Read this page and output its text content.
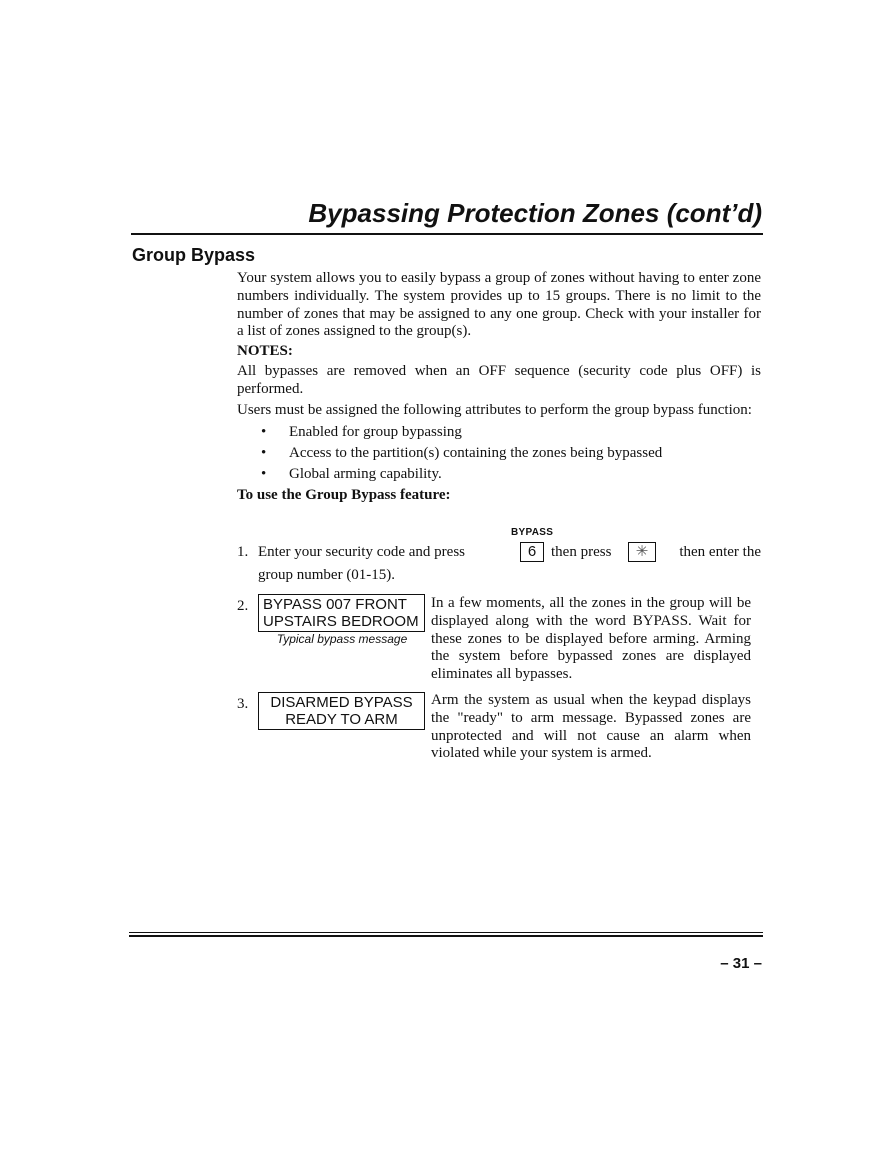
Bypassing Protection Zones (cont’d)
Group Bypass

Your system allows you to easily bypass a group of zones without having to enter zone numbers individually. The system provides up to 15 groups. There is no limit to the number of zones that may be assigned to any one group. Check with your installer for a list of zones assigned to the group(s).

NOTES:

All bypasses are removed when an OFF sequence (security code plus OFF) is performed.

Users must be assigned the following attributes to perform the group bypass function:

• Enabled for group bypassing
• Access to the partition(s) containing the zones being bypassed
• Global arming capability.

To use the Group Bypass feature:

BYPASS
1. Enter your security code and press	6 then press	✳	then enter the
group number (01-15).
2. BYPASS 007 FRONT
UPSTAIRS BEDROOM
Typical bypass message

In a few moments, all the zones in the group will be displayed along with the word BYPASS. Wait for these zones to be displayed before arming. Arming the system before bypassed zones are displayed eliminates all bypasses.

3.	DISARMED BYPASS
READY TO ARM

Arm the system as usual when the keypad displays the "ready" to arm message. Bypassed zones are unprotected and will not cause an alarm when violated while your system is armed.

– 31 –
